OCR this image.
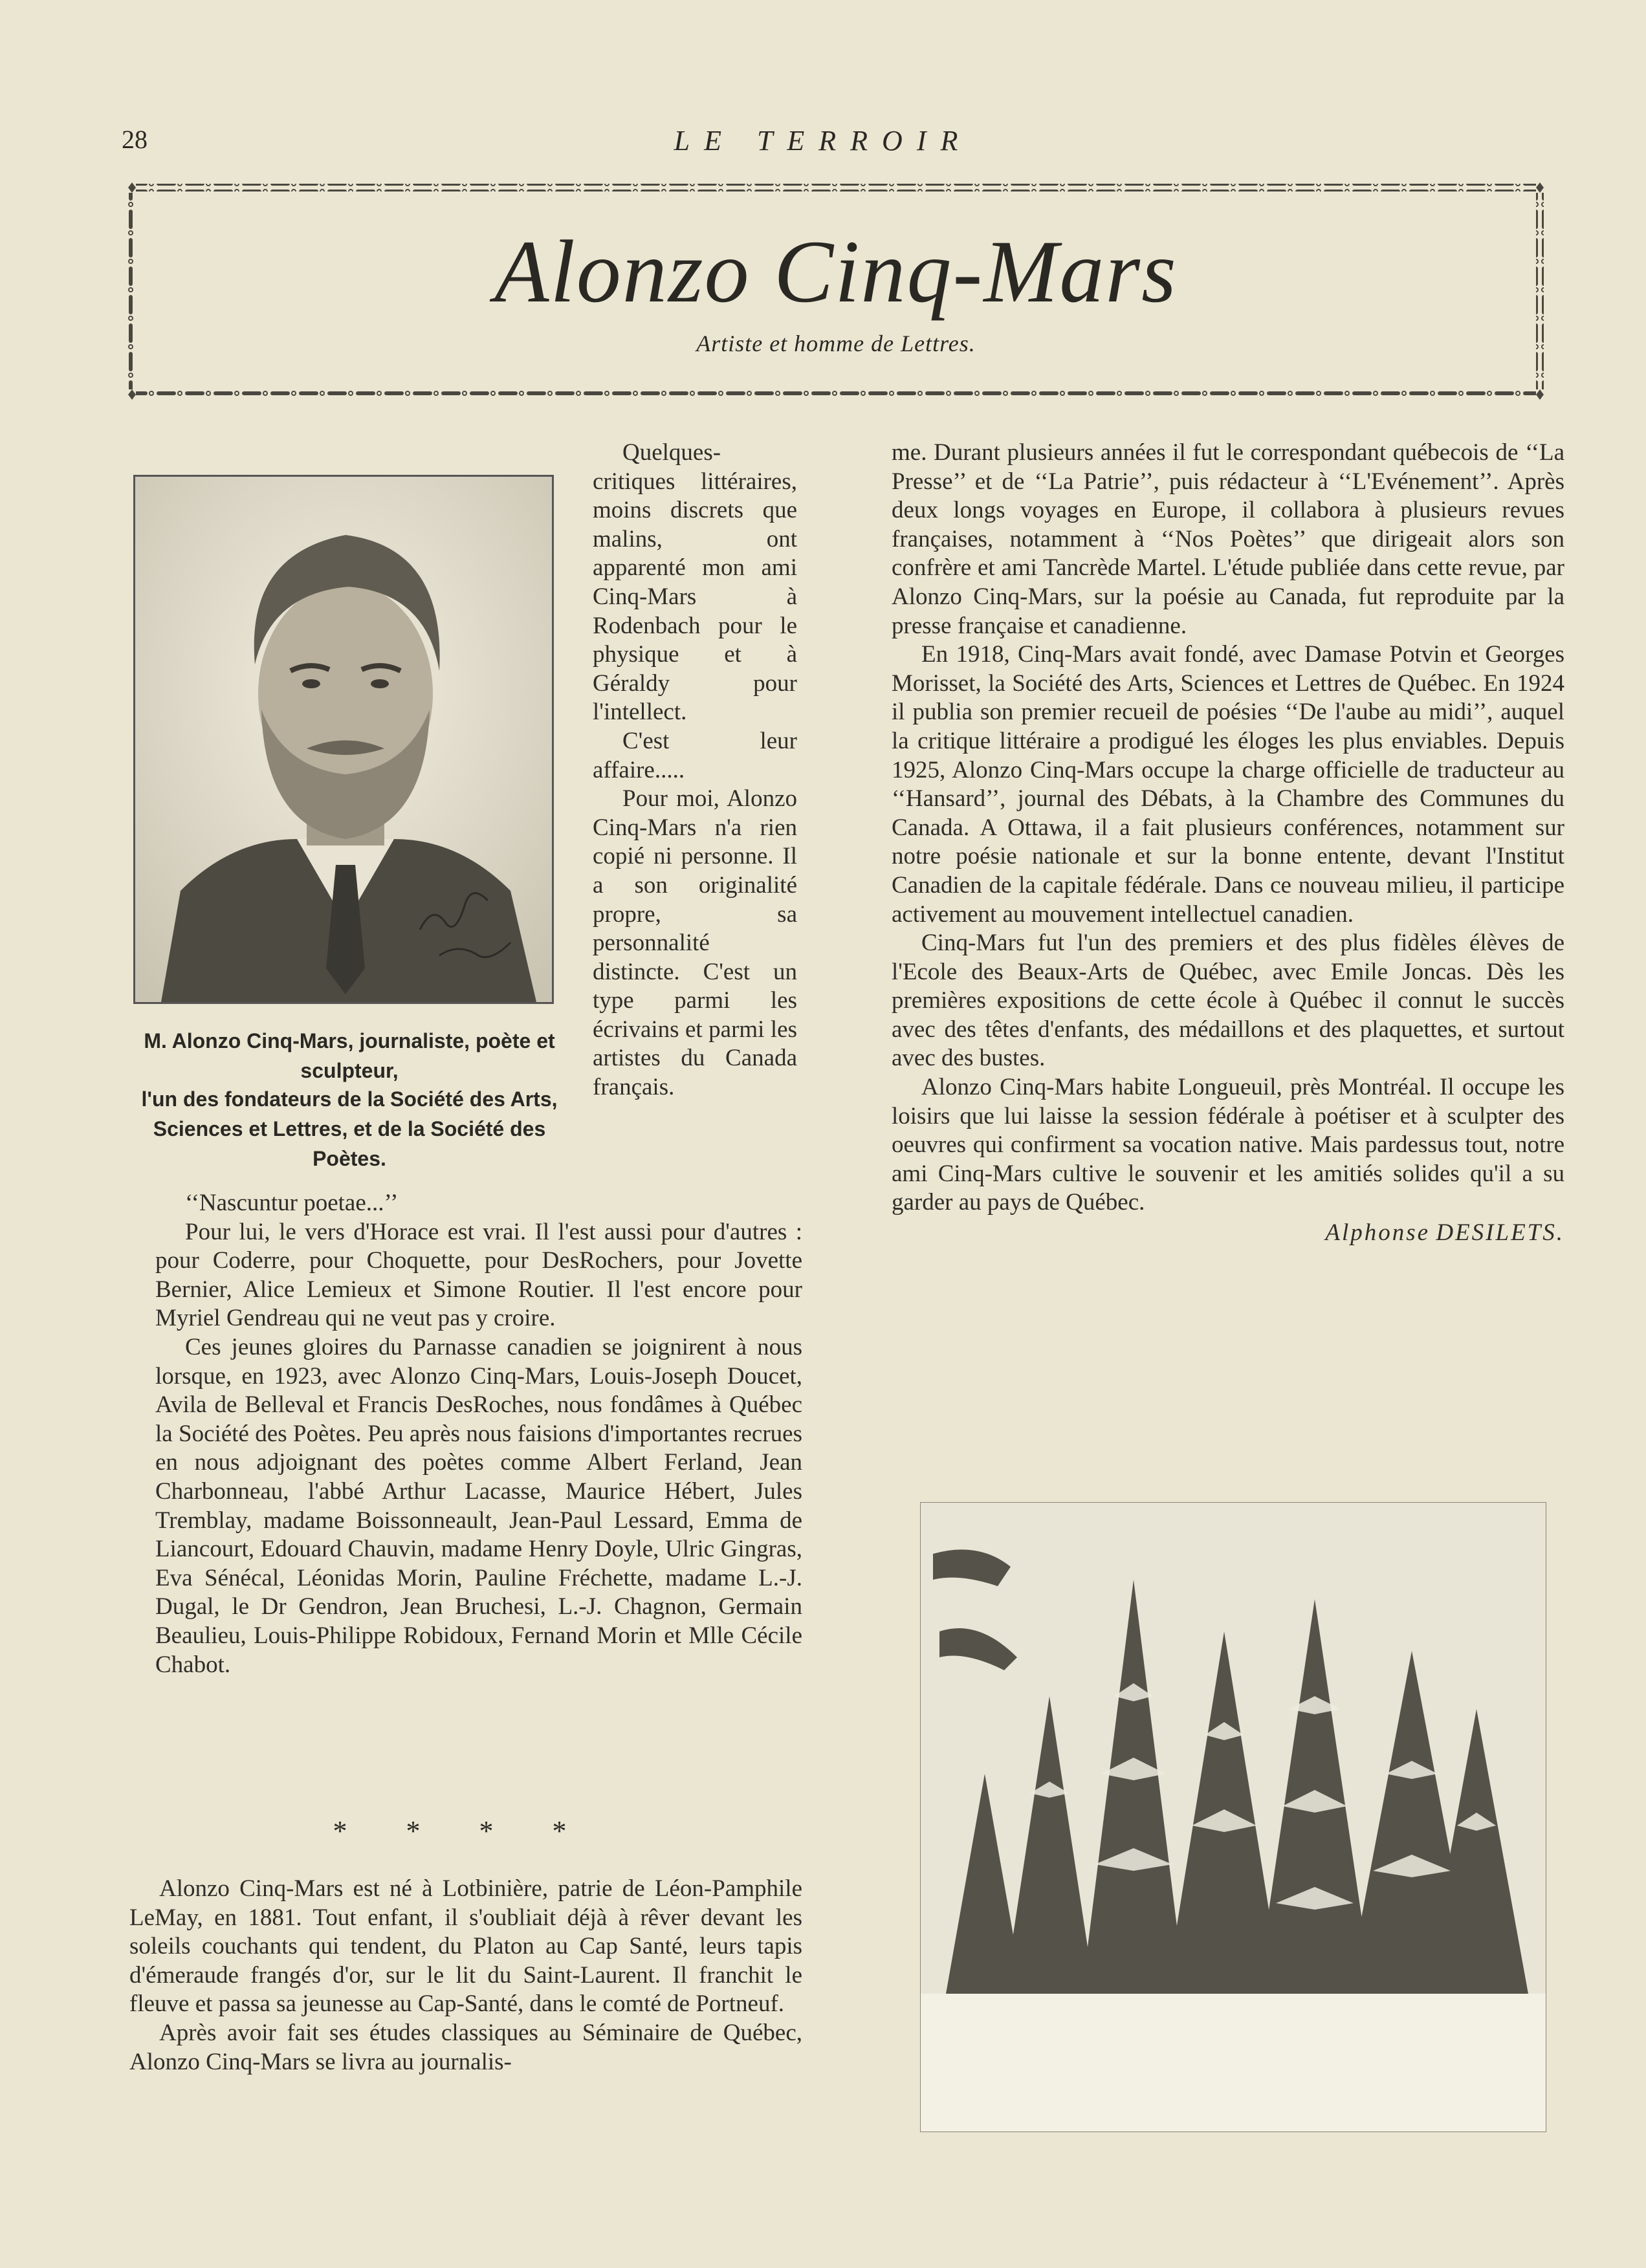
28	LE TERROIR
Alonzo Cinq-Mars
Artiste et homme de Lettres.
M. Alonzo Cinq-Mars, journaliste, poète et sculpteur,
l'un des fondateurs de la Société des Arts, Sciences et Lettres, et de la Société des Poètes.

Quelques- critiques littéraires, moins discrets que malins, ont apparenté mon ami Cinq-Mars à Rodenbach pour le physique et à Géraldy pour l'intellect.

C'est leur affaire.....

Pour moi, Alonzo Cinq-Mars n'a rien copié ni personne. Il a son originalité propre, sa personnalité distincte. C'est un type parmi les écrivains et parmi les artistes du Canada français.

‘‘Nascuntur poetae...’’

Pour lui, le vers d'Horace est vrai. Il l'est aussi pour d'autres : pour Coderre, pour Choquette, pour DesRochers, pour Jovette Bernier, Alice Lemieux et Simone Routier. Il l'est encore pour Myriel Gendreau qui ne veut pas y croire.

Ces jeunes gloires du Parnasse canadien se joignirent à nous lorsque, en 1923, avec Alonzo Cinq-Mars, Louis-Joseph Doucet, Avila de Belleval et Francis DesRoches, nous fondâmes à Québec la Société des Poètes. Peu après nous faisions d'importantes recrues en nous adjoignant des poètes comme Albert Ferland, Jean Charbonneau, l'abbé Arthur Lacasse, Maurice Hébert, Jules Tremblay, madame Boissonneault, Jean-Paul Lessard, Emma de Liancourt, Edouard Chauvin, madame Henry Doyle, Ulric Gingras, Eva Sénécal, Léonidas Morin, Pauline Fréchette, madame L.-J. Dugal, le Dr Gendron, Jean Bruchesi, L.-J. Chagnon, Germain Beaulieu, Louis-Philippe Robidoux, Fernand Morin et Mlle Cécile Chabot.

* * * *

Alonzo Cinq-Mars est né à Lotbinière, patrie de Léon-Pamphile LeMay, en 1881. Tout enfant, il s'oubliait déjà à rêver devant les soleils couchants qui tendent, du Platon au Cap Santé, leurs tapis d'émeraude frangés d'or, sur le lit du Saint-Laurent. Il franchit le fleuve et passa sa jeunesse au Cap-Santé, dans le comté de Portneuf.

Après avoir fait ses études classiques au Séminaire de Québec, Alonzo Cinq-Mars se livra au journalis-

me. Durant plusieurs années il fut le correspondant québecois de ‘‘La Presse’’ et de ‘‘La Patrie’’, puis rédacteur à ‘‘L'Evénement’’. Après deux longs voyages en Europe, il collabora à plusieurs revues françaises, notamment à ‘‘Nos Poètes’’ que dirigeait alors son confrère et ami Tancrède Martel. L'étude publiée dans cette revue, par Alonzo Cinq-Mars, sur la poésie au Canada, fut reproduite par la presse française et canadienne.

En 1918, Cinq-Mars avait fondé, avec Damase Potvin et Georges Morisset, la Société des Arts, Sciences et Lettres de Québec. En 1924 il publia son premier recueil de poésies ‘‘De l'aube au midi’’, auquel la critique littéraire a prodigué les éloges les plus enviables. Depuis 1925, Alonzo Cinq-Mars occupe la charge officielle de traducteur au ‘‘Hansard’’, journal des Débats, à la Chambre des Communes du Canada. A Ottawa, il a fait plusieurs conférences, notamment sur notre poésie nationale et sur la bonne entente, devant l'Institut Canadien de la capitale fédérale. Dans ce nouveau milieu, il participe activement au mouvement intellectuel canadien.

Cinq-Mars fut l'un des premiers et des plus fidèles élèves de l'Ecole des Beaux-Arts de Québec, avec Emile Joncas. Dès les premières expositions de cette école à Québec il connut le succès avec des têtes d'enfants, des médaillons et des plaquettes, et surtout avec des bustes.

Alonzo Cinq-Mars habite Longueuil, près Montréal. Il occupe les loisirs que lui laisse la session fédérale à poétiser et à sculpter des oeuvres qui confirment sa vocation native. Mais pardessus tout, notre ami Cinq-Mars cultive le souvenir et les amitiés solides qu'il a su garder au pays de Québec.

Alphonse DESILETS.
